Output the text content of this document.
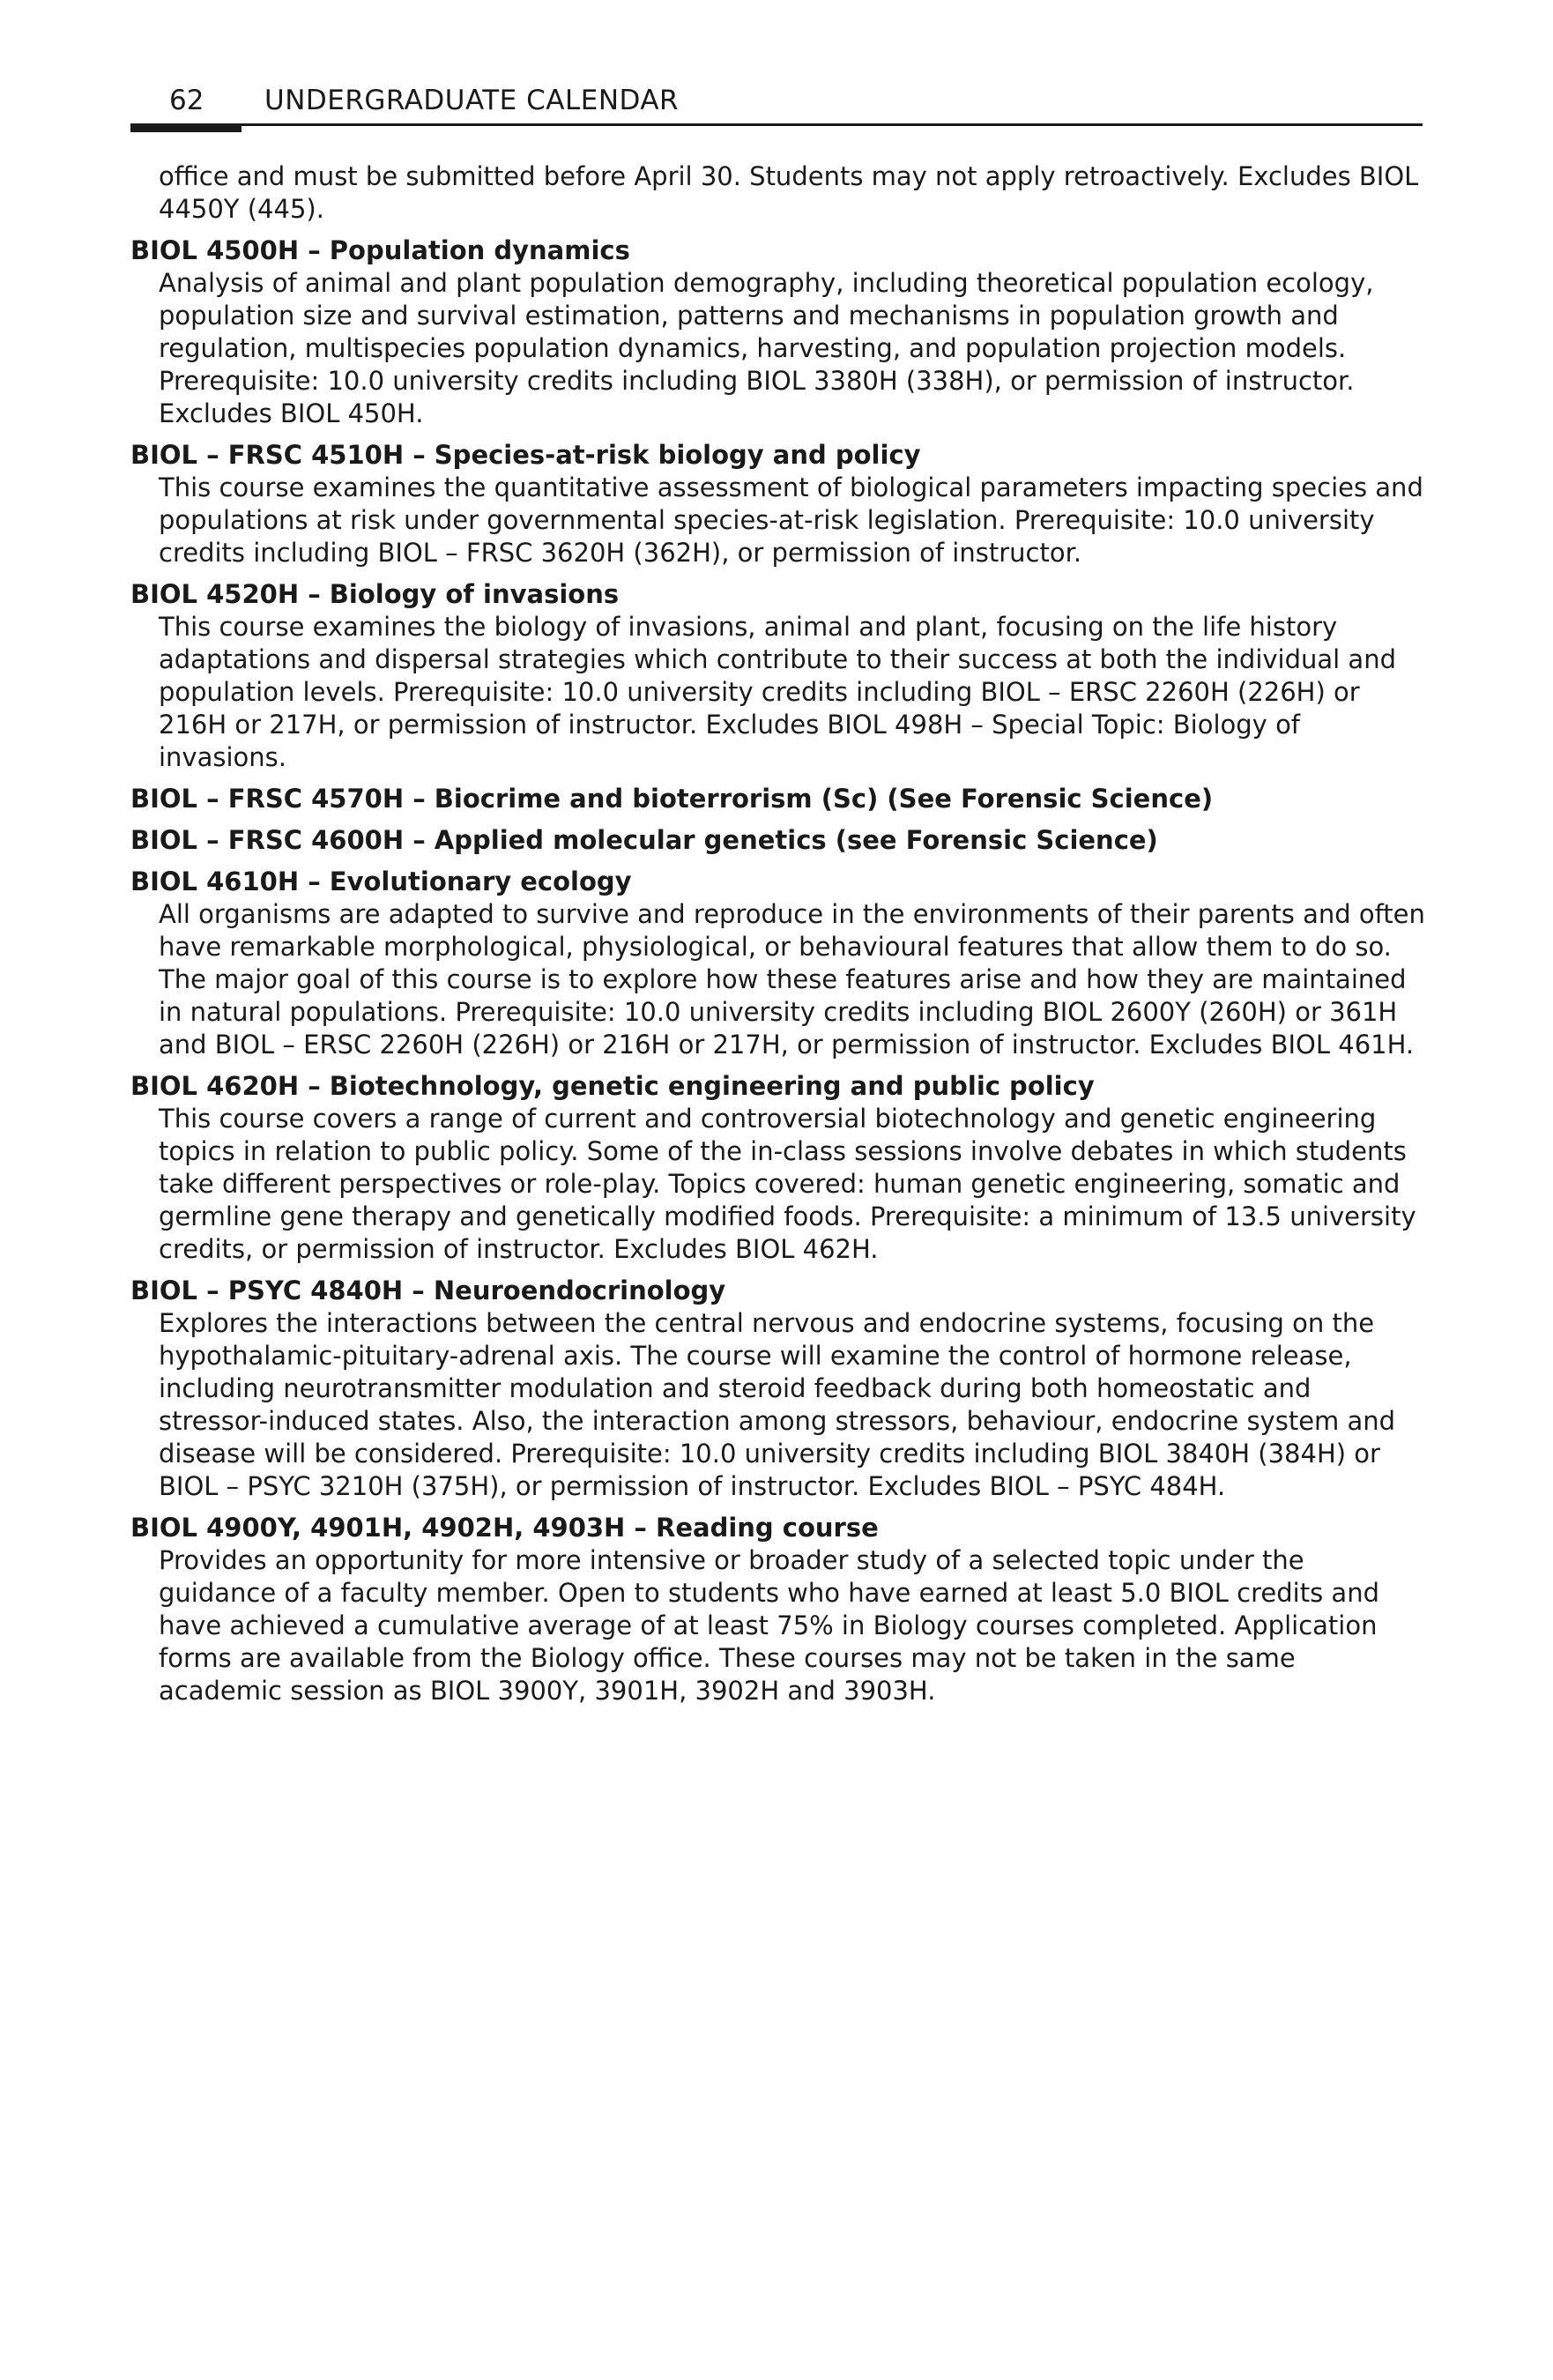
62 UNDERGRADUATE CALENDAR

office and must be submitted before April 30. Students may not apply retroactively. Excludes BIOL 4450Y (445).

BIOL 4500H – Population dynamics

Analysis of animal and plant population demography, including theoretical population ecology, population size and survival estimation, patterns and mechanisms in population growth and regulation, multispecies population dynamics, harvesting, and population projection models. Prerequisite: 10.0 university credits including BIOL 3380H (338H), or permission of instructor. Excludes BIOL 450H.

BIOL – FRSC 4510H – Species-at-risk biology and policy

This course examines the quantitative assessment of biological parameters impacting species and populations at risk under governmental species-at-risk legislation. Prerequisite: 10.0 university credits including BIOL – FRSC 3620H (362H), or permission of instructor.

BIOL 4520H – Biology of invasions

This course examines the biology of invasions, animal and plant, focusing on the life history adaptations and dispersal strategies which contribute to their success at both the individual and population levels. Prerequisite: 10.0 university credits including BIOL – ERSC 2260H (226H) or 216H or 217H, or permission of instructor. Excludes BIOL 498H – Special Topic: Biology of invasions.

BIOL – FRSC 4570H – Biocrime and bioterrorism (Sc) (See Forensic Science)

BIOL – FRSC 4600H – Applied molecular genetics (see Forensic Science)

BIOL 4610H – Evolutionary ecology

All organisms are adapted to survive and reproduce in the environments of their parents and often have remarkable morphological, physiological, or behavioural features that allow them to do so. The major goal of this course is to explore how these features arise and how they are maintained in natural populations. Prerequisite: 10.0 university credits including BIOL 2600Y (260H) or 361H and BIOL – ERSC 2260H (226H) or 216H or 217H, or permission of instructor. Excludes BIOL 461H.

BIOL 4620H – Biotechnology, genetic engineering and public policy

This course covers a range of current and controversial biotechnology and genetic engineering topics in relation to public policy. Some of the in-class sessions involve debates in which students take different perspectives or role-play. Topics covered: human genetic engineering, somatic and germline gene therapy and genetically modified foods. Prerequisite: a minimum of 13.5 university credits, or permission of instructor. Excludes BIOL 462H.

BIOL – PSYC 4840H – Neuroendocrinology

Explores the interactions between the central nervous and endocrine systems, focusing on the hypothalamic-pituitary-adrenal axis. The course will examine the control of hormone release, including neurotransmitter modulation and steroid feedback during both homeostatic and stressor-induced states. Also, the interaction among stressors, behaviour, endocrine system and disease will be considered. Prerequisite: 10.0 university credits including BIOL 3840H (384H) or BIOL – PSYC 3210H (375H), or permission of instructor. Excludes BIOL – PSYC 484H.

BIOL 4900Y, 4901H, 4902H, 4903H – Reading course

Provides an opportunity for more intensive or broader study of a selected topic under the guidance of a faculty member. Open to students who have earned at least 5.0 BIOL credits and have achieved a cumulative average of at least 75% in Biology courses completed. Application forms are available from the Biology office. These courses may not be taken in the same academic session as BIOL 3900Y, 3901H, 3902H and 3903H.
